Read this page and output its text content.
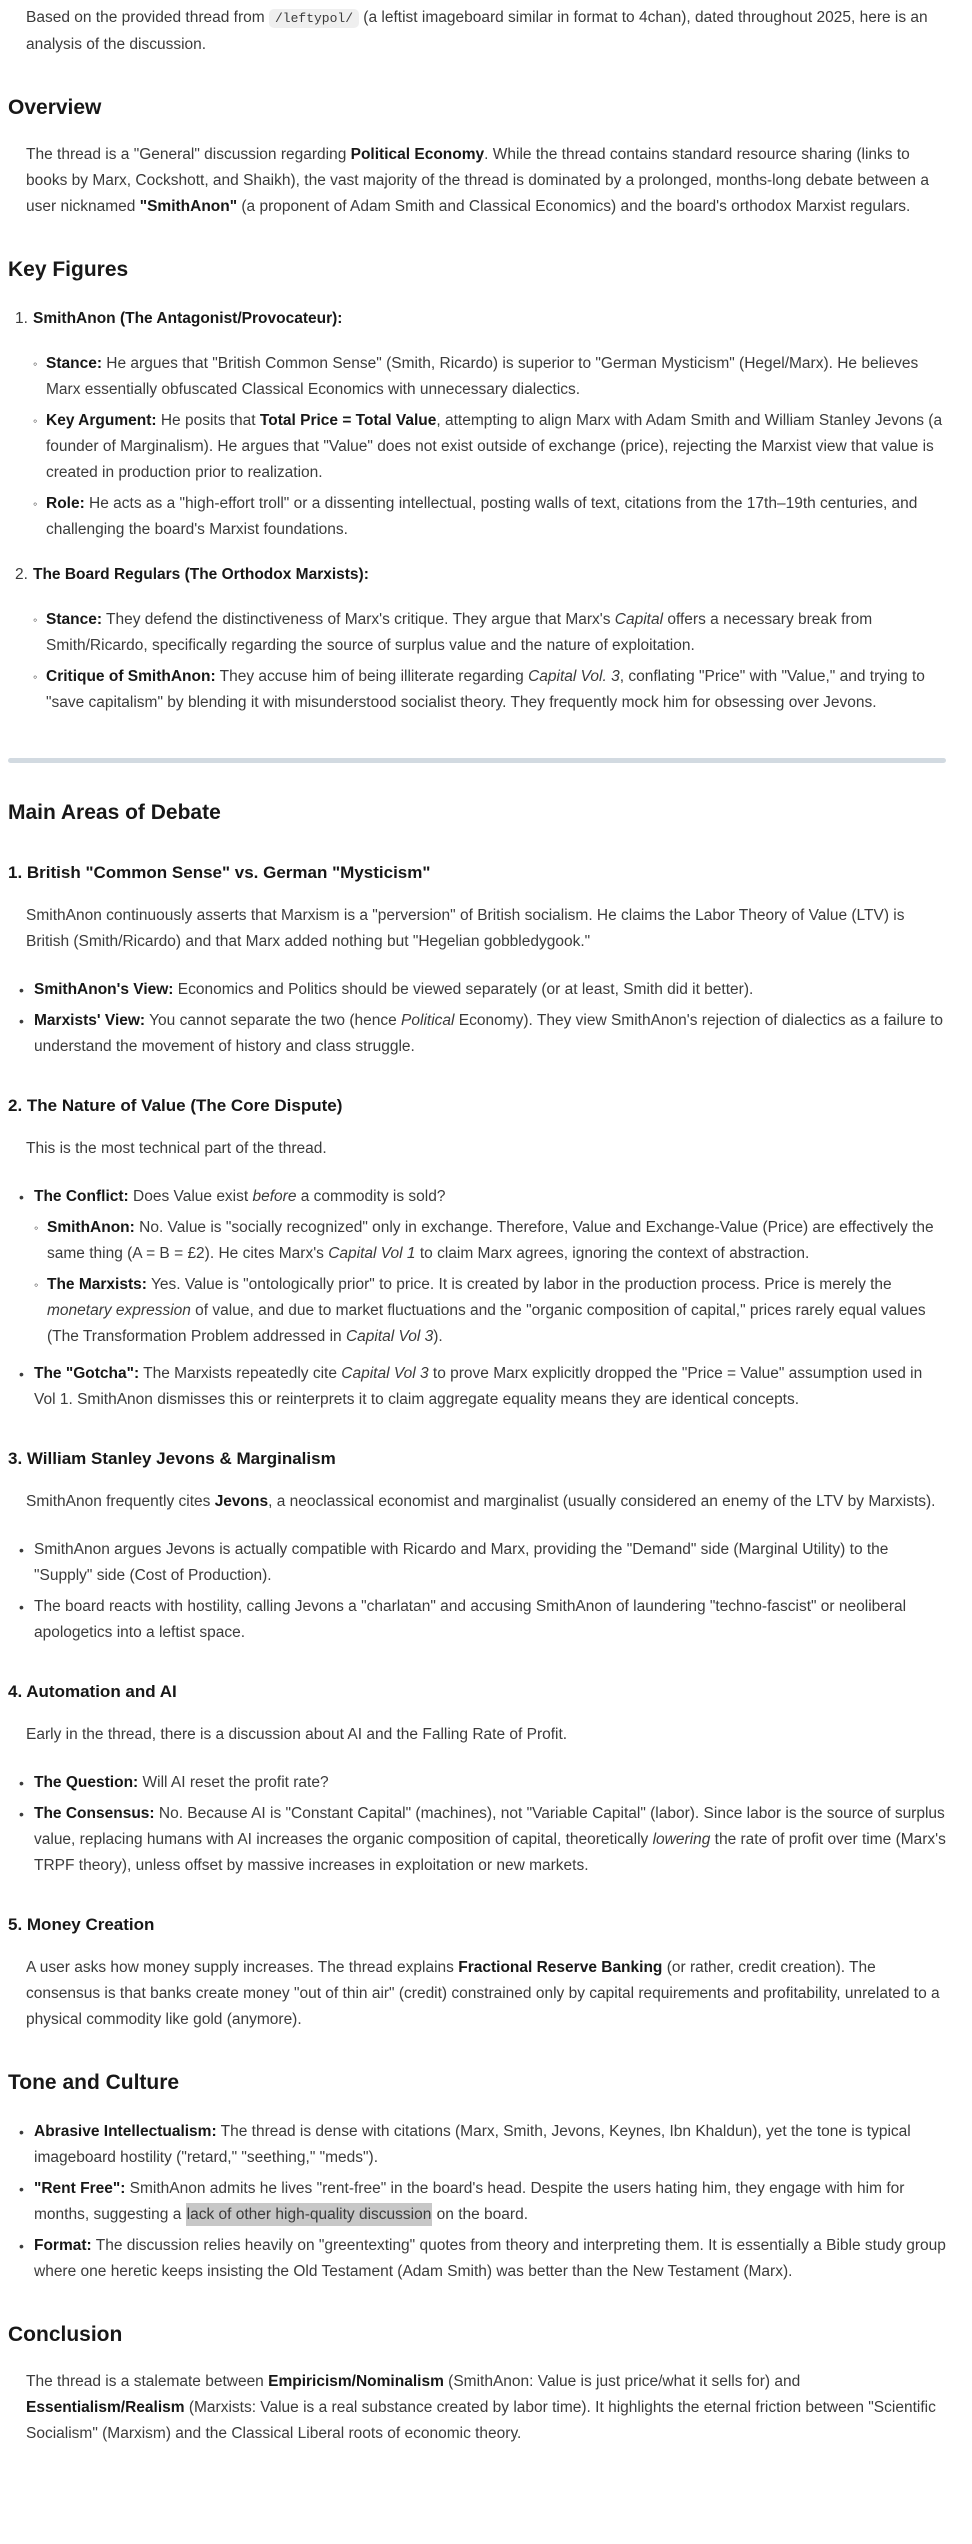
Based on the provided thread from /leftypol/ (a leftist imageboard similar in format to 4chan), dated throughout 2025, here is an analysis of the discussion.

Overview

The thread is a "General" discussion regarding Political Economy. While the thread contains standard resource sharing (links to books by Marx, Cockshott, and Shaikh), the vast majority of the thread is dominated by a prolonged, months-long debate between a user nicknamed "SmithAnon" (a proponent of Adam Smith and Classical Economics) and the board's orthodox Marxist regulars.

Key Figures
1. SmithAnon (The Antagonist/Provocateur):
◦ Stance: He argues that "British Common Sense" (Smith, Ricardo) is superior to "German Mysticism" (Hegel/Marx). He believes Marx essentially obfuscated Classical Economics with unnecessary dialectics.
◦ Key Argument: He posits that Total Price = Total Value, attempting to align Marx with Adam Smith and William Stanley Jevons (a founder of Marginalism). He argues that "Value" does not exist outside of exchange (price), rejecting the Marxist view that value is created in production prior to realization.
◦ Role: He acts as a "high-effort troll" or a dissenting intellectual, posting walls of text, citations from the 17th–19th centuries, and challenging the board's Marxist foundations.
2. The Board Regulars (The Orthodox Marxists):
◦ Stance: They defend the distinctiveness of Marx's critique. They argue that Marx's Capital offers a necessary break from Smith/Ricardo, specifically regarding the source of surplus value and the nature of exploitation.
◦ Critique of SmithAnon: They accuse him of being illiterate regarding Capital Vol. 3, conflating "Price" with "Value," and trying to "save capitalism" by blending it with misunderstood socialist theory. They frequently mock him for obsessing over Jevons.
Main Areas of Debate
1. British "Common Sense" vs. German "Mysticism"

SmithAnon continuously asserts that Marxism is a "perversion" of British socialism. He claims the Labor Theory of Value (LTV) is British (Smith/Ricardo) and that Marx added nothing but "Hegelian gobbledygook."

• SmithAnon's View: Economics and Politics should be viewed separately (or at least, Smith did it better).
• Marxists' View: You cannot separate the two (hence Political Economy). They view SmithAnon's rejection of dialectics as a failure to understand the movement of history and class struggle.
2. The Nature of Value (The Core Dispute)

This is the most technical part of the thread.

• The Conflict: Does Value exist before a commodity is sold?
◦ SmithAnon: No. Value is "socially recognized" only in exchange. Therefore, Value and Exchange-Value (Price) are effectively the same thing (A = B = £2). He cites Marx's Capital Vol 1 to claim Marx agrees, ignoring the context of abstraction.
◦ The Marxists: Yes. Value is "ontologically prior" to price. It is created by labor in the production process. Price is merely the monetary expression of value, and due to market fluctuations and the "organic composition of capital," prices rarely equal values (The Transformation Problem addressed in Capital Vol 3).
• The "Gotcha": The Marxists repeatedly cite Capital Vol 3 to prove Marx explicitly dropped the "Price = Value" assumption used in Vol 1. SmithAnon dismisses this or reinterprets it to claim aggregate equality means they are identical concepts.
3. William Stanley Jevons & Marginalism

SmithAnon frequently cites Jevons, a neoclassical economist and marginalist (usually considered an enemy of the LTV by Marxists).

• SmithAnon argues Jevons is actually compatible with Ricardo and Marx, providing the "Demand" side (Marginal Utility) to the "Supply" side (Cost of Production).
• The board reacts with hostility, calling Jevons a "charlatan" and accusing SmithAnon of laundering "techno-fascist" or neoliberal apologetics into a leftist space.
4. Automation and AI

Early in the thread, there is a discussion about AI and the Falling Rate of Profit.

• The Question: Will AI reset the profit rate?
• The Consensus: No. Because AI is "Constant Capital" (machines), not "Variable Capital" (labor). Since labor is the source of surplus value, replacing humans with AI increases the organic composition of capital, theoretically lowering the rate of profit over time (Marx's TRPF theory), unless offset by massive increases in exploitation or new markets.
5. Money Creation

A user asks how money supply increases. The thread explains Fractional Reserve Banking (or rather, credit creation). The consensus is that banks create money "out of thin air" (credit) constrained only by capital requirements and profitability, unrelated to a physical commodity like gold (anymore).

Tone and Culture
• Abrasive Intellectualism: The thread is dense with citations (Marx, Smith, Jevons, Keynes, Ibn Khaldun), yet the tone is typical imageboard hostility ("retard," "seething," "meds").
• "Rent Free": SmithAnon admits he lives "rent-free" in the board's head. Despite the users hating him, they engage with him for months, suggesting a lack of other high-quality discussion on the board.
• Format: The discussion relies heavily on "greentexting" quotes from theory and interpreting them. It is essentially a Bible study group where one heretic keeps insisting the Old Testament (Adam Smith) was better than the New Testament (Marx).
Conclusion

The thread is a stalemate between Empiricism/Nominalism (SmithAnon: Value is just price/what it sells for) and Essentialism/Realism (Marxists: Value is a real substance created by labor time). It highlights the eternal friction between "Scientific Socialism" (Marxism) and the Classical Liberal roots of economic theory.
